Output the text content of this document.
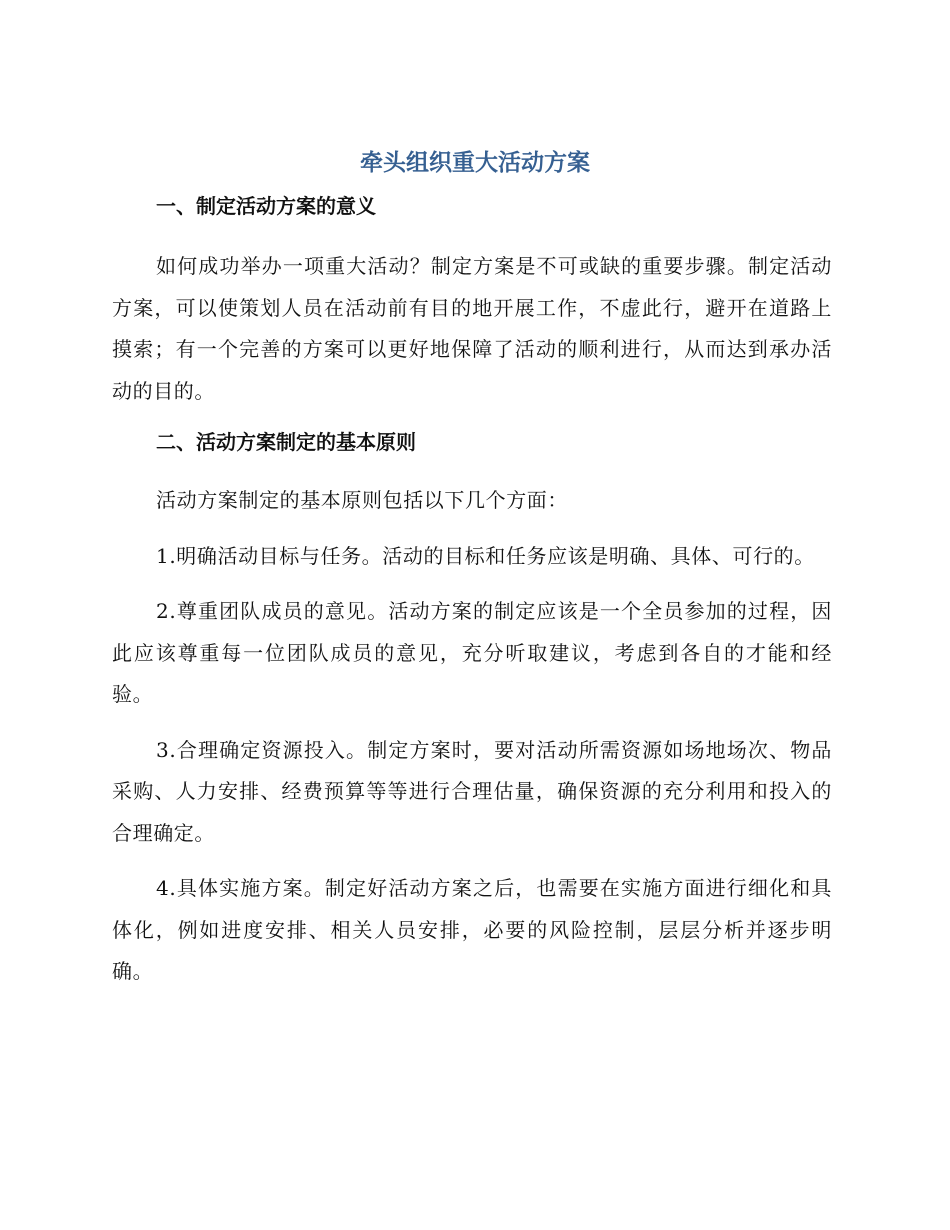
牵头组织重大活动方案
一、制定活动方案的意义

如何成功举办一项重大活动？制定方案是不可或缺的重要步骤。制定活动方案，可以使策划人员在活动前有目的地开展工作，不虚此行，避开在道路上摸索；有一个完善的方案可以更好地保障了活动的顺利进行，从而达到承办活动的目的。

二、活动方案制定的基本原则

活动方案制定的基本原则包括以下几个方面：

1.明确活动目标与任务。活动的目标和任务应该是明确、具体、可行的。

2.尊重团队成员的意见。活动方案的制定应该是一个全员参加的过程，因此应该尊重每一位团队成员的意见，充分听取建议，考虑到各自的才能和经验。

3.合理确定资源投入。制定方案时，要对活动所需资源如场地场次、物品采购、人力安排、经费预算等等进行合理估量，确保资源的充分利用和投入的合理确定。

4.具体实施方案。制定好活动方案之后，也需要在实施方面进行细化和具体化，例如进度安排、相关人员安排，必要的风险控制，层层分析并逐步明确。
